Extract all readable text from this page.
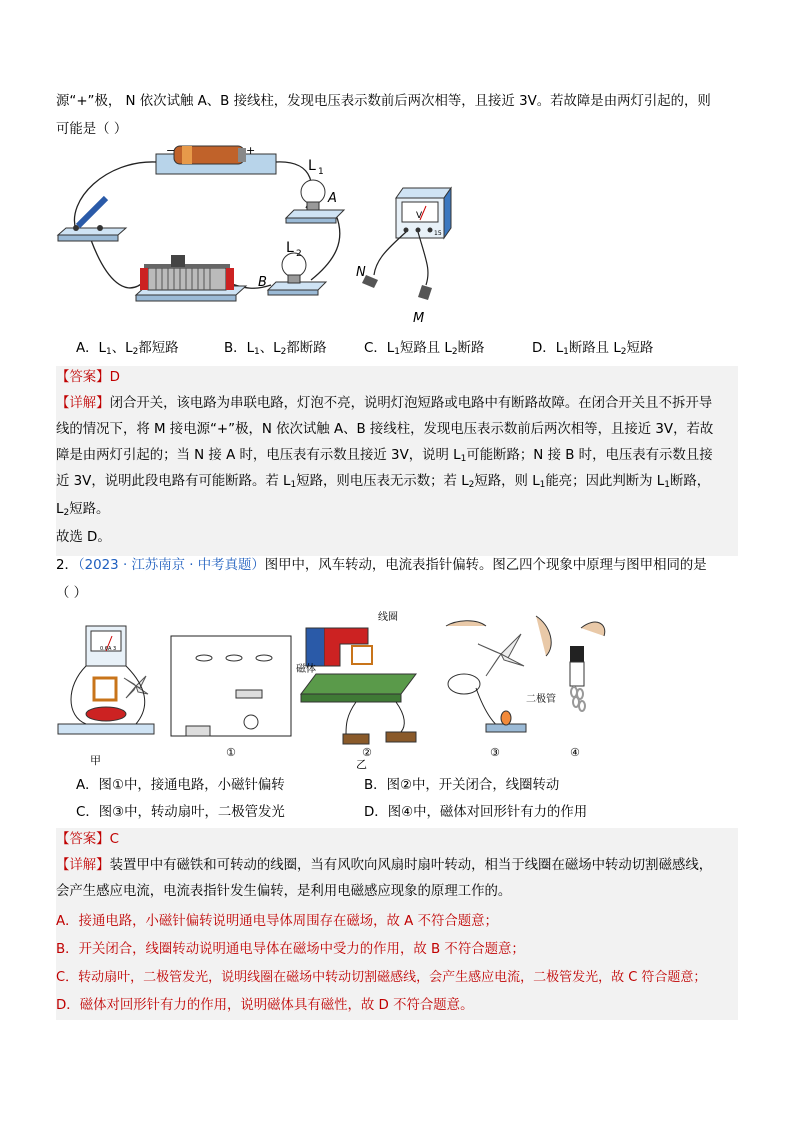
源“+”极， N 依次试触 A、B 接线柱，发现电压表示数前后两次相等，且接近 3V。若故障是由两灯引起的，则
可能是（ ）
−	+
L 1
A
L 2
B
V
15
N
M
A．$L_1$、$L_2$都短路	B．$L_1$、$L_2$都断路	C．$L_1$短路且 $L_2$断路	D．$L_1$断路且 $L_2$短路
【答案】D
【详解】闭合开关，该电路为串联电路，灯泡不亮，说明灯泡短路或电路中有断路故障。在闭合开关且不拆开导
线的情况下，将 M 接电源“+”极，N 依次试触 A、B 接线柱，发现电压表示数前后两次相等，且接近 3V，若故
障是由两灯引起的；当 N 接 A 时，电压表有示数且接近 3V，说明 $L_1$可能断路；N 接 B 时，电压表有示数且接
近 3V，说明此段电路有可能断路。若 $L_1$短路，则电压表无示数；若 $L_2$短路，则 $L_1$能亮；因此判断为 $L_1$断路，
$L_2$短路。
故选 D。
2．（2023 · 江苏南京 · 中考真题）图甲中，风车转动，电流表指针偏转。图乙四个现象中原理与图甲相同的是
（ ）
0.6A 3
甲
①
线圈
磁体
②
乙
二极管
③	④
A．图①中，接通电路，小磁针偏转	B．图②中，开关闭合，线圈转动
C．图③中，转动扇叶，二极管发光	D．图④中，磁体对回形针有力的作用
【答案】C
【详解】装置甲中有磁铁和可转动的线圈，当有风吹向风扇时扇叶转动，相当于线圈在磁场中转动切割磁感线，
会产生感应电流，电流表指针发生偏转，是利用电磁感应现象的原理工作的。
A．接通电路，小磁针偏转说明通电导体周围存在磁场，故 A 不符合题意；
B．开关闭合，线圈转动说明通电导体在磁场中受力的作用，故 B 不符合题意；
C．转动扇叶，二极管发光，说明线圈在磁场中转动切割磁感线，会产生感应电流，二极管发光，故 C 符合题意；
D．磁体对回形针有力的作用，说明磁体具有磁性，故 D 不符合题意。
